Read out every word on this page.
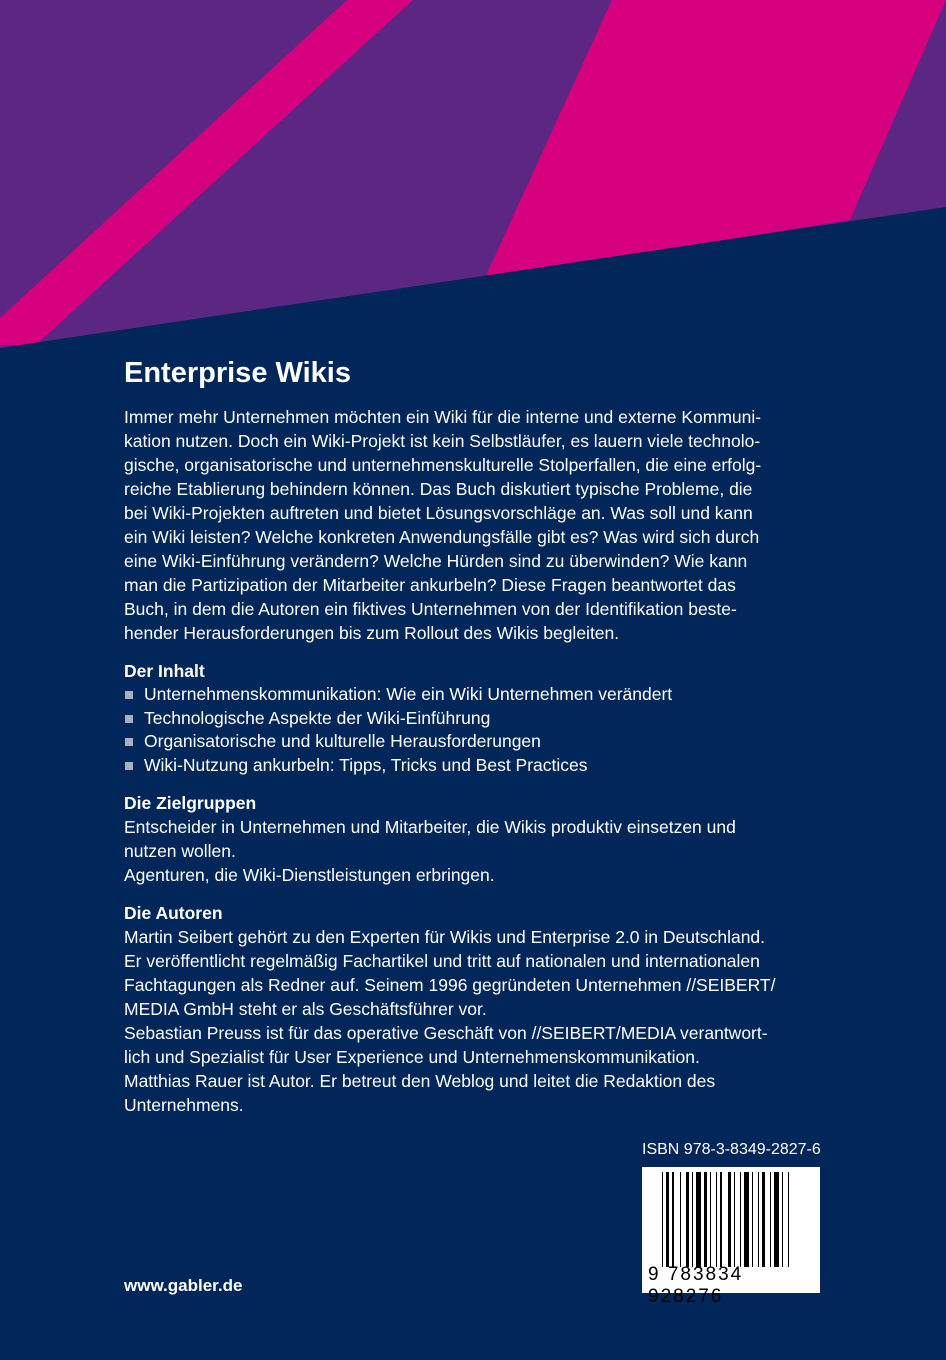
Enterprise Wikis
Immer mehr Unternehmen möchten ein Wiki für die interne und externe Kommuni-
kation nutzen. Doch ein Wiki-Projekt ist kein Selbstläufer, es lauern viele technolo-
gische, organisatorische und unternehmenskulturelle Stolperfallen, die eine erfolg-
reiche Etablierung behindern können. Das Buch diskutiert typische Probleme, die
bei Wiki-Projekten auftreten und bietet Lösungsvorschläge an. Was soll und kann
ein Wiki leisten? Welche konkreten Anwendungsfälle gibt es? Was wird sich durch
eine Wiki-Einführung verändern? Welche Hürden sind zu überwinden? Wie kann
man die Partizipation der Mitarbeiter ankurbeln? Diese Fragen beantwortet das
Buch, in dem die Autoren ein fiktives Unternehmen von der Identifikation beste-
hender Herausforderungen bis zum Rollout des Wikis begleiten.
Der Inhalt
Unternehmenskommunikation: Wie ein Wiki Unternehmen verändert
Technologische Aspekte der Wiki-Einführung
Organisatorische und kulturelle Herausforderungen
Wiki-Nutzung ankurbeln: Tipps, Tricks und Best Practices
Die Zielgruppen
Entscheider in Unternehmen und Mitarbeiter, die Wikis produktiv einsetzen und
nutzen wollen.
Agenturen, die Wiki-Dienstleistungen erbringen.
Die Autoren
Martin Seibert gehört zu den Experten für Wikis und Enterprise 2.0 in Deutschland.
Er veröffentlicht regelmäßig Fachartikel und tritt auf nationalen und internationalen
Fachtagungen als Redner auf. Seinem 1996 gegründeten Unternehmen //SEIBERT/
MEDIA GmbH steht er als Geschäftsführer vor.
Sebastian Preuss ist für das operative Geschäft von //SEIBERT/MEDIA verantwort-
lich und Spezialist für User Experience und Unternehmenskommunikation.
Matthias Rauer ist Autor. Er betreut den Weblog und leitet die Redaktion des
Unternehmens.
ISBN 978-3-8349-2827-6
9 783834 928276
www.gabler.de
